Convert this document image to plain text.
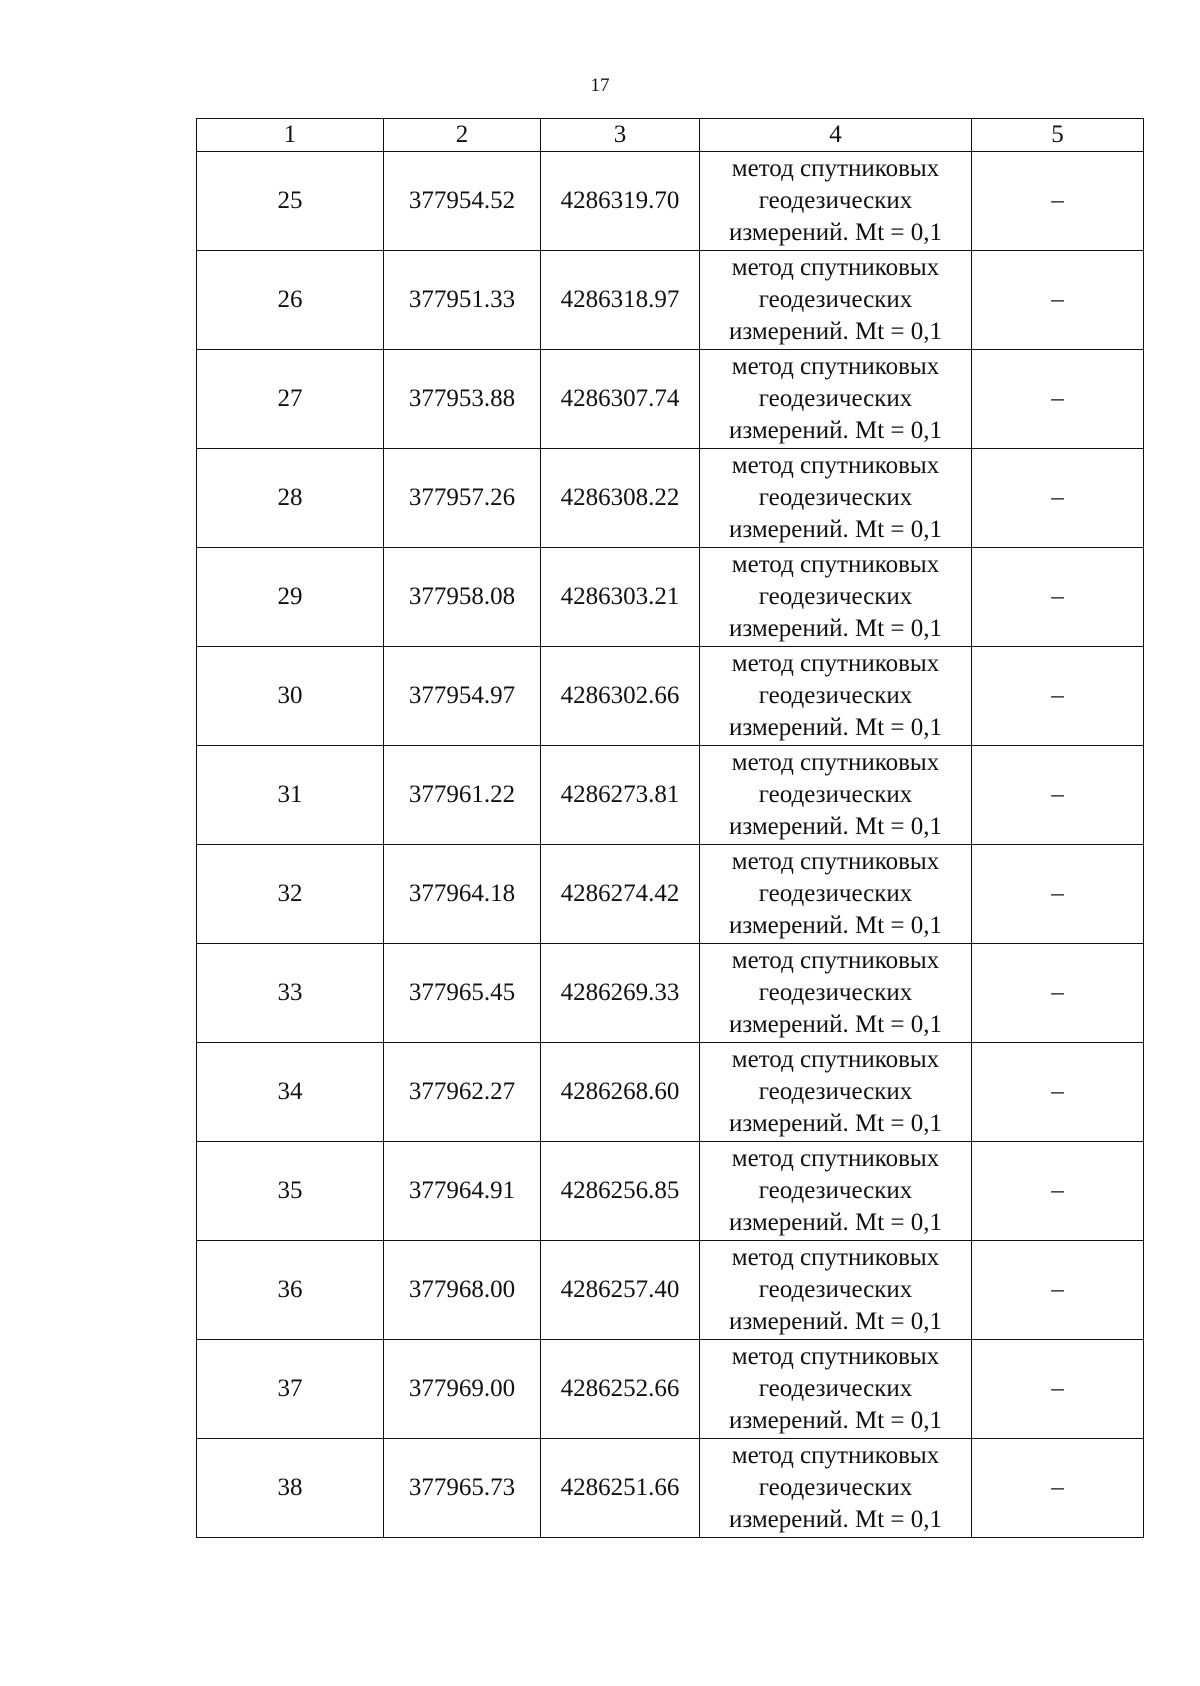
17
1	2	3	4	5
25	377954.52	4286319.70	метод спутниковых
геодезических
измерений. Mt = 0,1	–
26	377951.33	4286318.97	метод спутниковых
геодезических
измерений. Mt = 0,1	–
27	377953.88	4286307.74	метод спутниковых
геодезических
измерений. Mt = 0,1	–
28	377957.26	4286308.22	метод спутниковых
геодезических
измерений. Mt = 0,1	–
29	377958.08	4286303.21	метод спутниковых
геодезических
измерений. Mt = 0,1	–
30	377954.97	4286302.66	метод спутниковых
геодезических
измерений. Mt = 0,1	–
31	377961.22	4286273.81	метод спутниковых
геодезических
измерений. Mt = 0,1	–
32	377964.18	4286274.42	метод спутниковых
геодезических
измерений. Mt = 0,1	–
33	377965.45	4286269.33	метод спутниковых
геодезических
измерений. Mt = 0,1	–
34	377962.27	4286268.60	метод спутниковых
геодезических
измерений. Mt = 0,1	–
35	377964.91	4286256.85	метод спутниковых
геодезических
измерений. Mt = 0,1	–
36	377968.00	4286257.40	метод спутниковых
геодезических
измерений. Mt = 0,1	–
37	377969.00	4286252.66	метод спутниковых
геодезических
измерений. Mt = 0,1	–
38	377965.73	4286251.66	метод спутниковых
геодезических
измерений. Mt = 0,1	–
